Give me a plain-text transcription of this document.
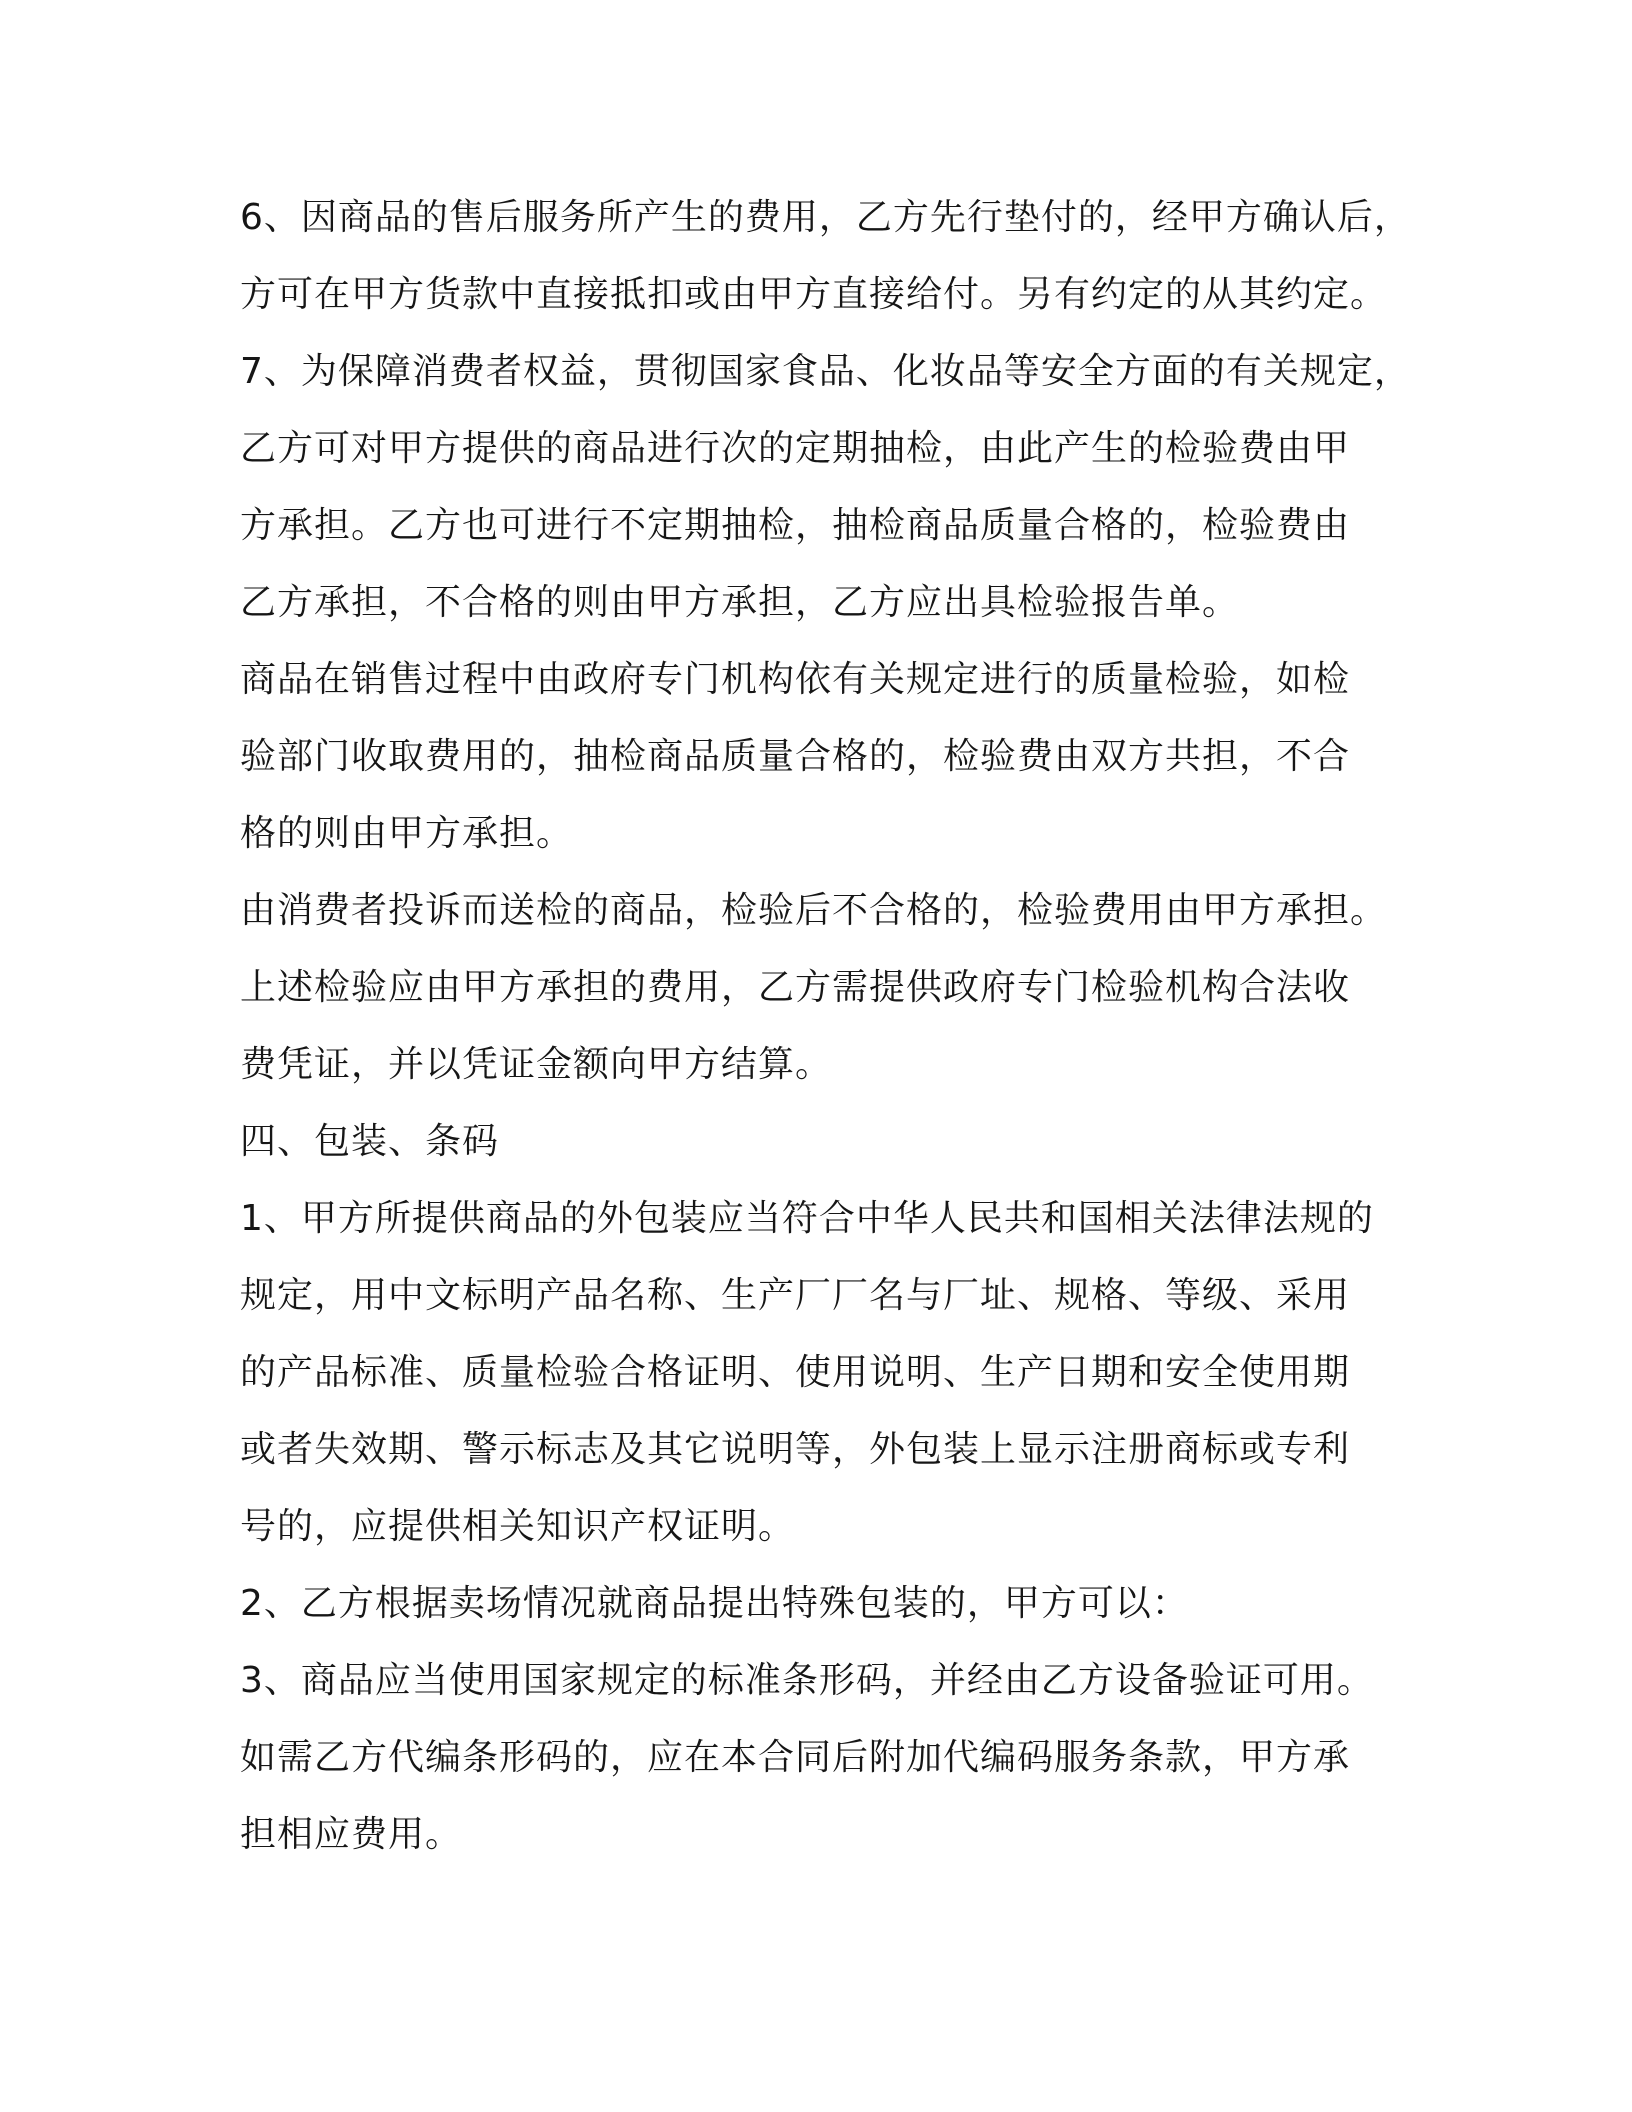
6、因商品的售后服务所产生的费用，乙方先行垫付的，经甲方确认后，
方可在甲方货款中直接抵扣或由甲方直接给付。另有约定的从其约定。
7、为保障消费者权益，贯彻国家食品、化妆品等安全方面的有关规定，
乙方可对甲方提供的商品进行次的定期抽检，由此产生的检验费由甲
方承担。乙方也可进行不定期抽检，抽检商品质量合格的，检验费由
乙方承担，不合格的则由甲方承担，乙方应出具检验报告单。
商品在销售过程中由政府专门机构依有关规定进行的质量检验，如检
验部门收取费用的，抽检商品质量合格的，检验费由双方共担，不合
格的则由甲方承担。
由消费者投诉而送检的商品，检验后不合格的，检验费用由甲方承担。
上述检验应由甲方承担的费用，乙方需提供政府专门检验机构合法收
费凭证，并以凭证金额向甲方结算。
四、包装、条码
1、甲方所提供商品的外包装应当符合中华人民共和国相关法律法规的
规定，用中文标明产品名称、生产厂厂名与厂址、规格、等级、采用
的产品标准、质量检验合格证明、使用说明、生产日期和安全使用期
或者失效期、警示标志及其它说明等，外包装上显示注册商标或专利
号的，应提供相关知识产权证明。
2、乙方根据卖场情况就商品提出特殊包装的，甲方可以：
3、商品应当使用国家规定的标准条形码，并经由乙方设备验证可用。
如需乙方代编条形码的，应在本合同后附加代编码服务条款，甲方承
担相应费用。
